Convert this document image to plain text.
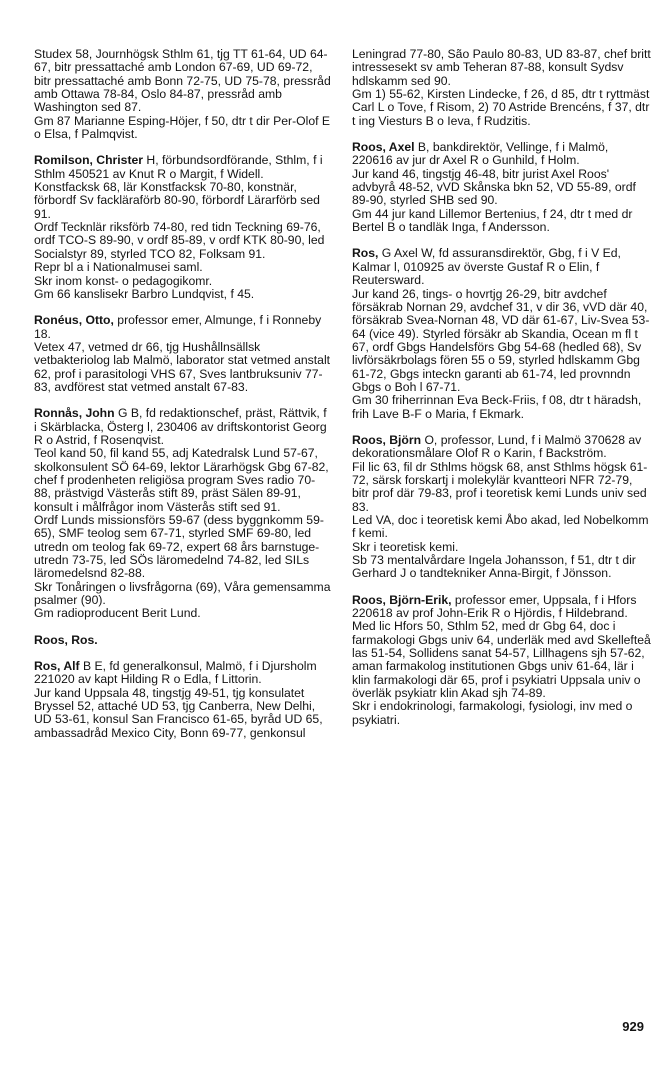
Studex 58, Journhögsk Sthlm 61, tjg TT 61-64, UD 64-67, bitr pressattaché amb London 67-69, UD 69-72, bitr pressattaché amb Bonn 72-75, UD 75-78, pressråd amb Ottawa 78-84, Oslo 84-87, pressråd amb Washington sed 87.

Gm 87 Marianne Esping-Höjer, f 50, dtr t dir Per-Olof E o Elsa, f Palmqvist.

Romilson, Christer H, förbundsordförande, Sthlm, f i Sthlm 450521 av Knut R o Margit, f Widell.

Konstfacksk 68, lär Konstfacksk 70-80, konstnär, förbordf Sv fackläraförb 80-90, förbordf Lärarförb sed 91.

Ordf Tecknlär riksförb 74-80, red tidn Teckning 69-76, ordf TCO-S 89-90, v ordf 85-89, v ordf KTK 80-90, led Socialstyr 89, styrled TCO 82, Folksam 91.

Repr bl a i Nationalmusei saml.

Skr inom konst- o pedagogikomr.

Gm 66 kanslisekr Barbro Lundqvist, f 45.

Ronéus, Otto, professor emer, Almunge, f i Ronneby 18.

Vetex 47, vetmed dr 66, tjg Hushållnsällsk vetbakteriolog lab Malmö, laborator stat vetmed anstalt 62, prof i parasitologi VHS 67, Sves lantbruksuniv 77-83, avdförest stat vetmed anstalt 67-83.

Ronnås, John G B, fd redaktionschef, präst, Rättvik, f i Skärblacka, Österg l, 230406 av driftskontorist Georg R o Astrid, f Rosenqvist.

Teol kand 50, fil kand 55, adj Katedralsk Lund 57-67, skolkonsulent SÖ 64-69, lektor Lärarhögsk Gbg 67-82, chef f prodenheten religiösa program Sves radio 70-88, prästvigd Västerås stift 89, präst Sälen 89-91, konsult i målfrågor inom Västerås stift sed 91.

Ordf Lunds missionsförs 59-67 (dess byggnkomm 59-65), SMF teolog sem 67-71, styrled SMF 69-80, led utredn om teolog fak 69-72, expert 68 års barnstuge-utredn 73-75, led SÖs läromedelnd 74-82, led SILs läromedelsnd 82-88.

Skr Tonåringen o livsfrågorna (69), Våra gemensamma psalmer (90).

Gm radioproducent Berit Lund.

Roos, Ros.

Ros, Alf B E, fd generalkonsul, Malmö, f i Djursholm 221020 av kapt Hilding R o Edla, f Littorin.

Jur kand Uppsala 48, tingstjg 49-51, tjg konsulatet Bryssel 52, attaché UD 53, tjg Canberra, New Delhi, UD 53-61, konsul San Francisco 61-65, byråd UD 65, ambassadråd Mexico City, Bonn 69-77, genkonsul

Leningrad 77-80, São Paulo 80-83, UD 83-87, chef britt intressesekt sv amb Teheran 87-88, konsult Sydsv hdlskamm sed 90.

Gm 1) 55-62, Kirsten Lindecke, f 26, d 85, dtr t ryttmäst Carl L o Tove, f Risom, 2) 70 Astride Brencéns, f 37, dtr t ing Viesturs B o Ieva, f Rudzitis.

Roos, Axel B, bankdirektör, Vellinge, f i Malmö, 220616 av jur dr Axel R o Gunhild, f Holm.

Jur kand 46, tingstjg 46-48, bitr jurist Axel Roos' advbyrå 48-52, vVD Skånska bkn 52, VD 55-89, ordf 89-90, styrled SHB sed 90.

Gm 44 jur kand Lillemor Bertenius, f 24, dtr t med dr Bertel B o tandläk Inga, f Andersson.

Ros, G Axel W, fd assuransdirektör, Gbg, f i V Ed, Kalmar l, 010925 av överste Gustaf R o Elin, f Reutersward.

Jur kand 26, tings- o hovrtjg 26-29, bitr avdchef försäkrab Nornan 29, avdchef 31, v dir 36, vVD där 40, försäkrab Svea-Nornan 48, VD där 61-67, Liv-Svea 53-64 (vice 49). Styrled försäkr ab Skandia, Ocean m fl t 67, ordf Gbgs Handelsförs Gbg 54-68 (hedled 68), Sv livförsäkrbolags fören 55 o 59, styrled hdlskamm Gbg 61-72, Gbgs inteckn garanti ab 61-74, led provnndn Gbgs o Boh l 67-71.

Gm 30 friherrinnan Eva Beck-Friis, f 08, dtr t häradsh, frih Lave B-F o Maria, f Ekmark.

Roos, Björn O, professor, Lund, f i Malmö 370628 av dekorationsmålare Olof R o Karin, f Backström.

Fil lic 63, fil dr Sthlms högsk 68, anst Sthlms högsk 61-72, särsk forskartj i molekylär kvantteori NFR 72-79, bitr prof där 79-83, prof i teoretisk kemi Lunds univ sed 83.

Led VA, doc i teoretisk kemi Åbo akad, led Nobelkomm f kemi.

Skr i teoretisk kemi.

Sb 73 mentalvårdare Ingela Johansson, f 51, dtr t dir Gerhard J o tandtekniker Anna-Birgit, f Jönsson.

Roos, Björn-Erik, professor emer, Uppsala, f i Hfors 220618 av prof John-Erik R o Hjördis, f Hildebrand.

Med lic Hfors 50, Sthlm 52, med dr Gbg 64, doc i farmakologi Gbgs univ 64, underläk med avd Skellefteå las 51-54, Sollidens sanat 54-57, Lillhagens sjh 57-62, aman farmakolog institutionen Gbgs univ 61-64, lär i klin farmakologi där 65, prof i psykiatri Uppsala univ o överläk psykiatr klin Akad sjh 74-89.

Skr i endokrinologi, farmakologi, fysiologi, inv med o psykiatri.

929
